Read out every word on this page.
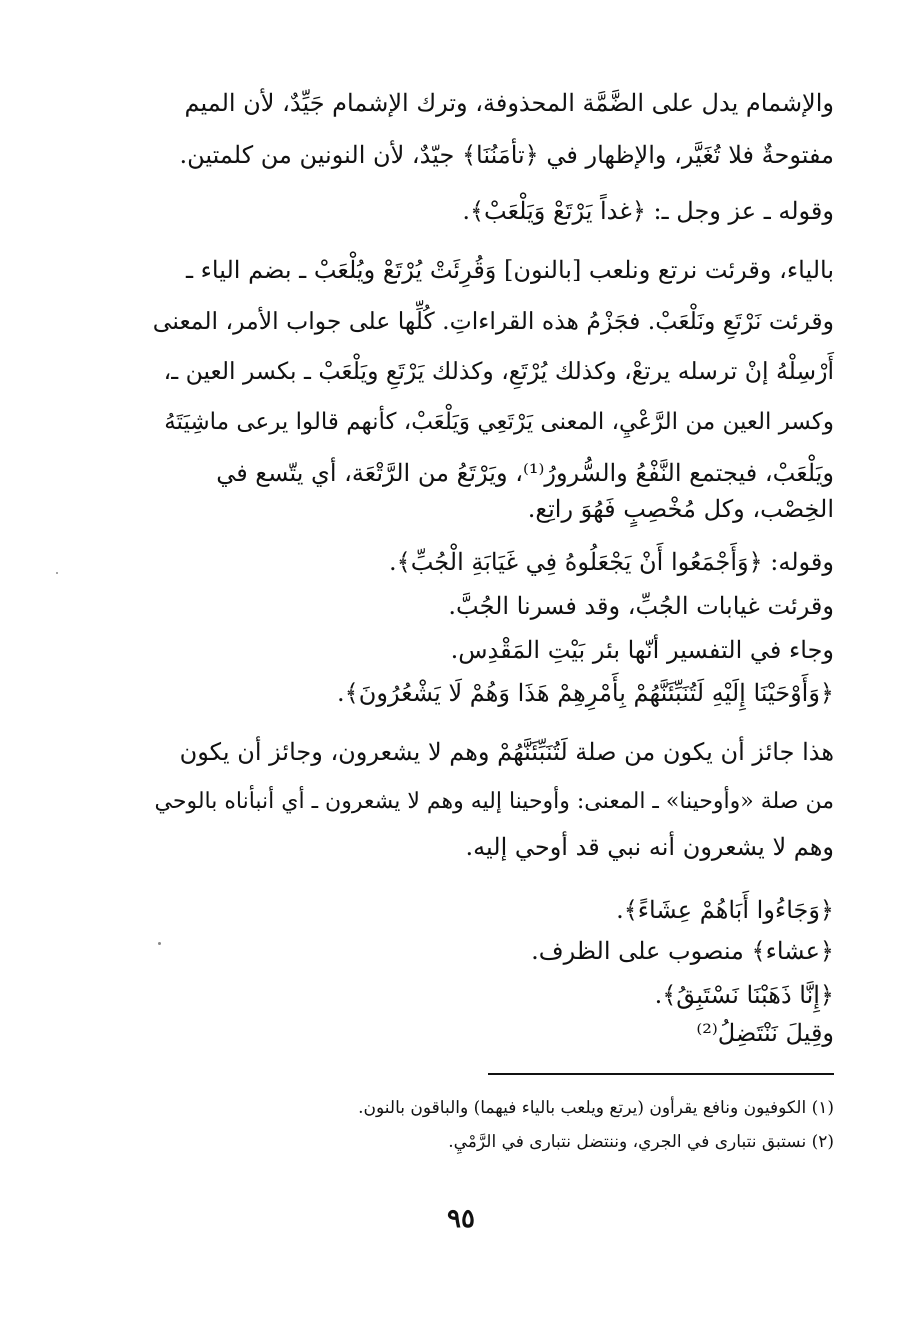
والإشمام يدل على الضَّمَّة المحذوفة، وترك الإشمام جَيِّدٌ، لأن الميم
مفتوحةٌ فلا تُغَيَّر، والإظهار في ﴿تأمَنُنَا﴾ جيّدٌ، لأن النونين من كلمتين.
وقوله ـ عز وجل ـ: ﴿غداً يَرْتَعْ وَيَلْعَبْ﴾.
بالياء، وقرئت نرتع ونلعب [بالنون] وَقُرِئَتْ يُرْتَعْ ويُلْعَبْ ـ بضم الياء ـ
وقرئت نَرْتَعِ ونَلْعَبْ. فجَزْمُ هذه القراءاتِ. كُلِّها على جواب الأمر، المعنى
أَرْسِلْهُ إنْ ترسله يرتعْ، وكذلك يُرْتَعِ، وكذلك يَرْتَعِ ويَلْعَبْ ـ بكسر العين ـ،
وكسر العين من الرَّعْيِ، المعنى يَرْتَعِي وَيَلْعَبْ، كأنهم قالوا يرعى ماشِيَتَهُ
ويَلْعَبْ، فيجتمع النَّفْعُ والسُّرورُ⁽¹⁾، ويَرْتَعُ من الرَّتْعَة، أي يتّسع في
الخِصْب، وكل مُخْصِبٍ فَهُوَ راتِع.
وقوله: ﴿وَأَجْمَعُوا أَنْ يَجْعَلُوهُ فِي غَيَابَةِ الْجُبِّ﴾.
وقرئت غيابات الجُبِّ، وقد فسرنا الجُبَّ.
وجاء في التفسير أنّها بئر بَيْتِ المَقْدِس.
﴿وَأَوْحَيْنَا إِلَيْهِ لَتُنَبِّئَنَّهُمْ بِأَمْرِهِمْ هَذَا وَهُمْ لَا يَشْعُرُونَ﴾.
هذا جائز أن يكون من صلة لَتُنَبِّئَنَّهُمْ وهم لا يشعرون، وجائز أن يكون
من صلة «وأوحينا» ـ المعنى: وأوحينا إليه وهم لا يشعرون ـ أي أنبأناه بالوحي
وهم لا يشعرون أنه نبي قد أوحي إليه.
﴿وَجَاءُوا أَبَاهُمْ عِشَاءً﴾.
﴿عشاء﴾ منصوب على الظرف.
﴿إِنَّا ذَهَبْنَا نَسْتَبِقُ﴾.
وقِيلَ نَنْتَضِلُ⁽²⁾
(١) الكوفيون ونافع يقرأون (يرتع ويلعب بالياء فيهما) والباقون بالنون.
(٢) نستبق نتبارى في الجري، وننتضل نتبارى في الرَّمْيِ.
٩٥
